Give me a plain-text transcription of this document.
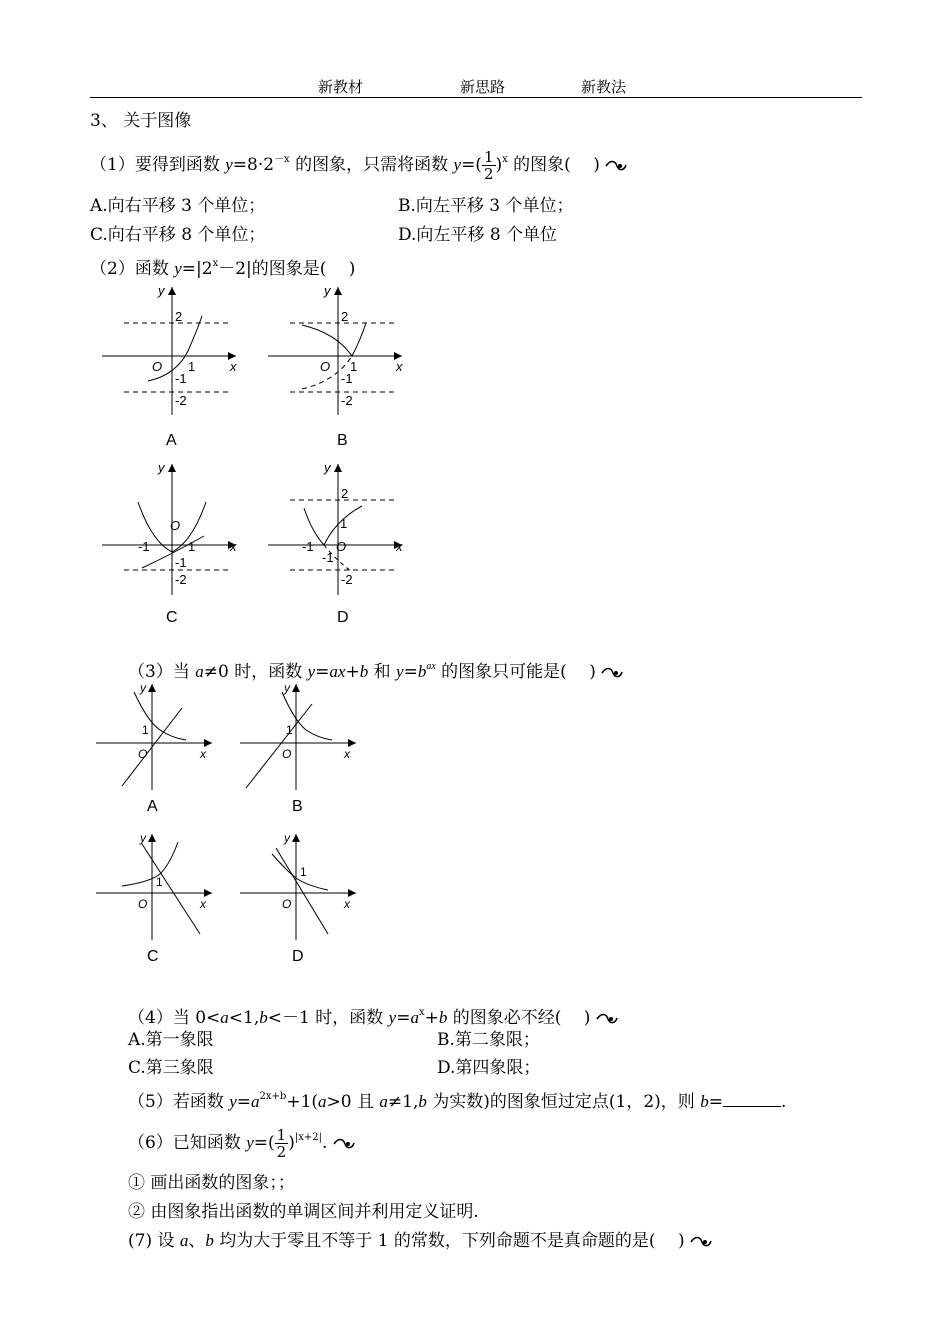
新教材	新思路	新教法
3、 关于图像
（1）要得到函数 $y=8\cdot 2^{-x}$ 的图象，只需将函数 $y=( \frac{1}{2} )^x$ 的图象(　 )
A.向右平移 3 个单位；	B.向左平移 3 个单位；
C.向右平移 8 个单位；	D.向左平移 8 个单位
（2）函数 $y=|2^x-2|$的图象是(　 )
y
x
O
2
1
-1
-2
A
y
x
O
2
1
-1
-2
B
y
x
O
-1	1
-1
-2
C
y
x
O
2
1
-1
-1
-2
D
（3）当 a≠0 时，函数 y=ax+b 和 $y=b^{ax}$ 的图象只可能是(　 )
y
x
O
1
A
y
x
O
1
B
y
x
O
1
C
y
x
O
1
D
（4）当 0<a<1,b<－1 时，函数 $y=a^x+b$ 的图象必不经(　 )
A.第一象限	B.第二象限；
C.第三象限	D.第四象限；
（5）若函数 $y=a^{2x+b}+1(a>0$ 且 a≠1,b 为实数)的图象恒过定点(1，2)，则 b=	.
（6）已知函数 $y=( \frac{1}{2} )^{|x+2|}$.
① 画出函数的图象；；
② 由图象指出函数的单调区间并利用定义证明.
(7) 设 a、b 均为大于零且不等于 1 的常数，下列命题不是真命题的是(　 )
